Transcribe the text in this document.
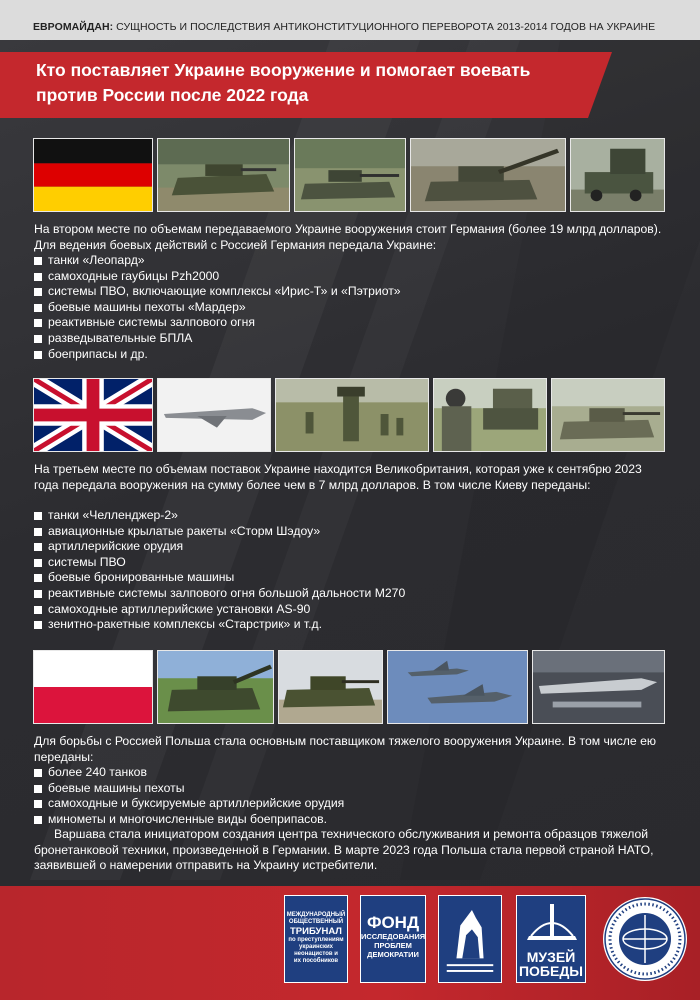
ЕВРОМАЙДАН: СУЩНОСТЬ И ПОСЛЕДСТВИЯ АНТИКОНСТИТУЦИОННОГО ПЕРЕВОРОТА 2013-2014 ГОДОВ НА УКРАИНЕ
Кто поставляет Украине вооружение и помогает воевать против России после 2022 года
На втором месте по объемам передаваемого Украине вооружения стоит Германия (более 19 млрд долларов). Для ведения боевых действий с Россией Германия передала Украине:
танки «Леопард»
самоходные гаубицы Pzh2000
системы ПВО, включающие комплексы «Ирис-Т» и «Пэтриот»
боевые машины пехоты «Мардер»
реактивные системы залпового огня
разведывательные БПЛА
боеприпасы и др.
На третьем месте по объемам поставок Украине находится Великобритания, которая уже к сентябрю 2023 года передала вооружения на сумму более чем в 7 млрд долларов. В том числе Киеву переданы:
танки «Челленджер-2»
авиационные крылатые ракеты «Сторм Шэдоу»
артиллерийские орудия
системы ПВО
боевые бронированные машины
реактивные системы залпового огня большой дальности М270
самоходные артиллерийские установки AS-90
зенитно-ракетные комплексы «Старстрик» и т.д.
Для борьбы с Россией Польша стала основным поставщиком тяжелого вооружения Украине. В том числе ею переданы:
более 240 танков
боевые машины пехоты
самоходные и буксируемые артиллерийские орудия
минометы и многочисленные виды боеприпасов.
Варшава стала инициатором создания центра технического обслуживания и ремонта образцов тяжелой бронетанковой техники, произведенной в Германии. В марте 2023 года Польша стала первой страной НАТО, заявившей о намерении отправить на Украину истребители.
МЕЖДУНАРОДНЫЙ
ОБЩЕСТВЕННЫЙ
ТРИБУНАЛ
по преступлениям
украинских
неонацистов и
их пособников
ФОНД
ИССЛЕДОВАНИЯ
ПРОБЛЕМ
ДЕМОКРАТИИ	МУЗЕЙ ПОБЕДЫ
